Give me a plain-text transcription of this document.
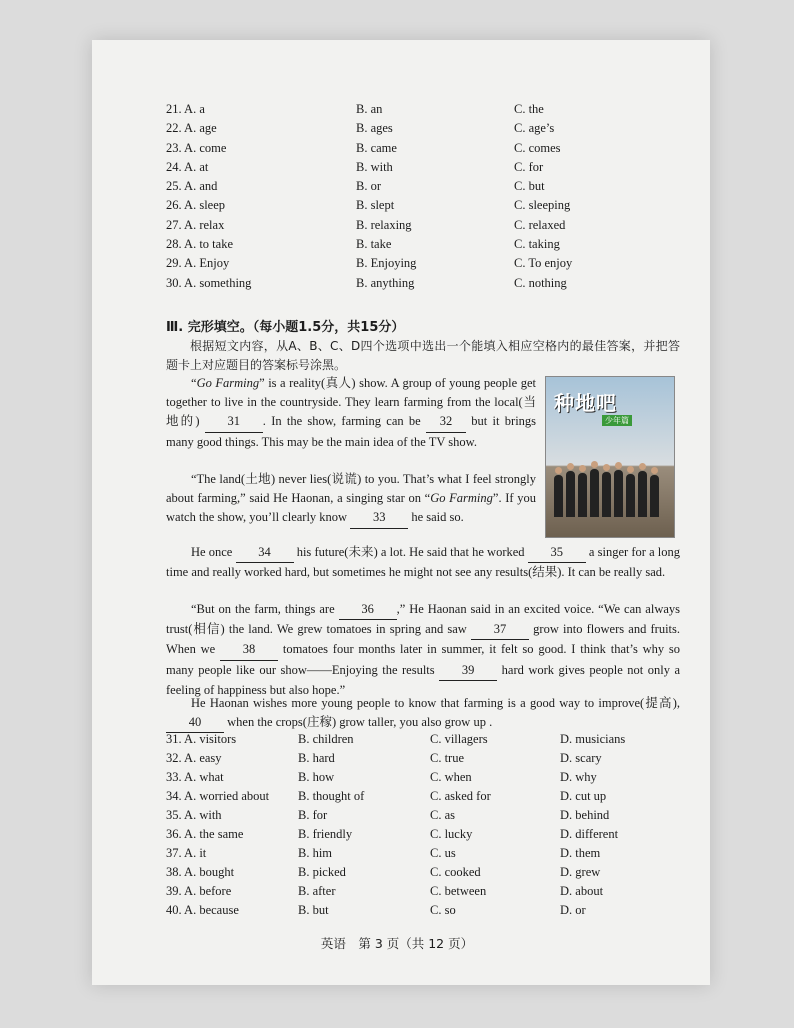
21. A. a	B. an	C. the
22. A. age	B. ages	C. age’s
23. A. come	B. came	C. comes
24. A. at	B. with	C. for
25. A. and	B. or	C. but
26. A. sleep	B. slept	C. sleeping
27. A. relax	B. relaxing	C. relaxed
28. A. to take	B. take	C. taking
29. A. Enjoy	B. Enjoying	C. To enjoy
30. A. something	B. anything	C. nothing
Ⅲ. 完形填空。（每小题1.5分，共15分）
根据短文内容，从A、B、C、D四个选项中选出一个能填入相应空格内的最佳答案，并把答题卡上对应题目的答案标号涂黑。
种地吧
少年篇
“Go Farming” is a reality(真人) show. A group of young people get together to live in the countryside. They learn farming from the local(当地的) 31 . In the show, farming can be 32 but it brings many good things. This may be the main idea of the TV show.
“The land(土地) never lies(说谎) to you. That’s what I feel strongly about farming,” said He Haonan, a singing star on “Go Farming”. If you watch the show, you’ll clearly know 33 he said so.
He once 34 his future(未来) a lot. He said that he worked 35 a singer for a long time and really worked hard, but sometimes he might not see any results(结果). It can be really sad.
“But on the farm, things are 36 ,” He Haonan said in an excited voice. “We can always trust(相信) the land. We grew tomatoes in spring and saw 37 grow into flowers and fruits. When we 38 tomatoes four months later in summer, it felt so good. I think that’s why so many people like our show——Enjoying the results 39 hard work gives people not only a feeling of happiness but also hope.”
He Haonan wishes more young people to know that farming is a good way to improve(提高), 40 when the crops(庄稼) grow taller, you also grow up .
31. A. visitors	B. children	C. villagers	D. musicians
32. A. easy	B. hard	C. true	D. scary
33. A. what	B. how	C. when	D. why
34. A. worried about B. thought of	C. asked for	D. cut up
35. A. with	B. for	C. as	D. behind
36. A. the same	B. friendly	C. lucky	D. different
37. A. it	B. him	C. us	D. them
38. A. bought	B. picked	C. cooked	D. grew
39. A. before	B. after	C. between	D. about
40. A. because	B. but	C. so	D. or
英语　第 3 页（共 12 页）
